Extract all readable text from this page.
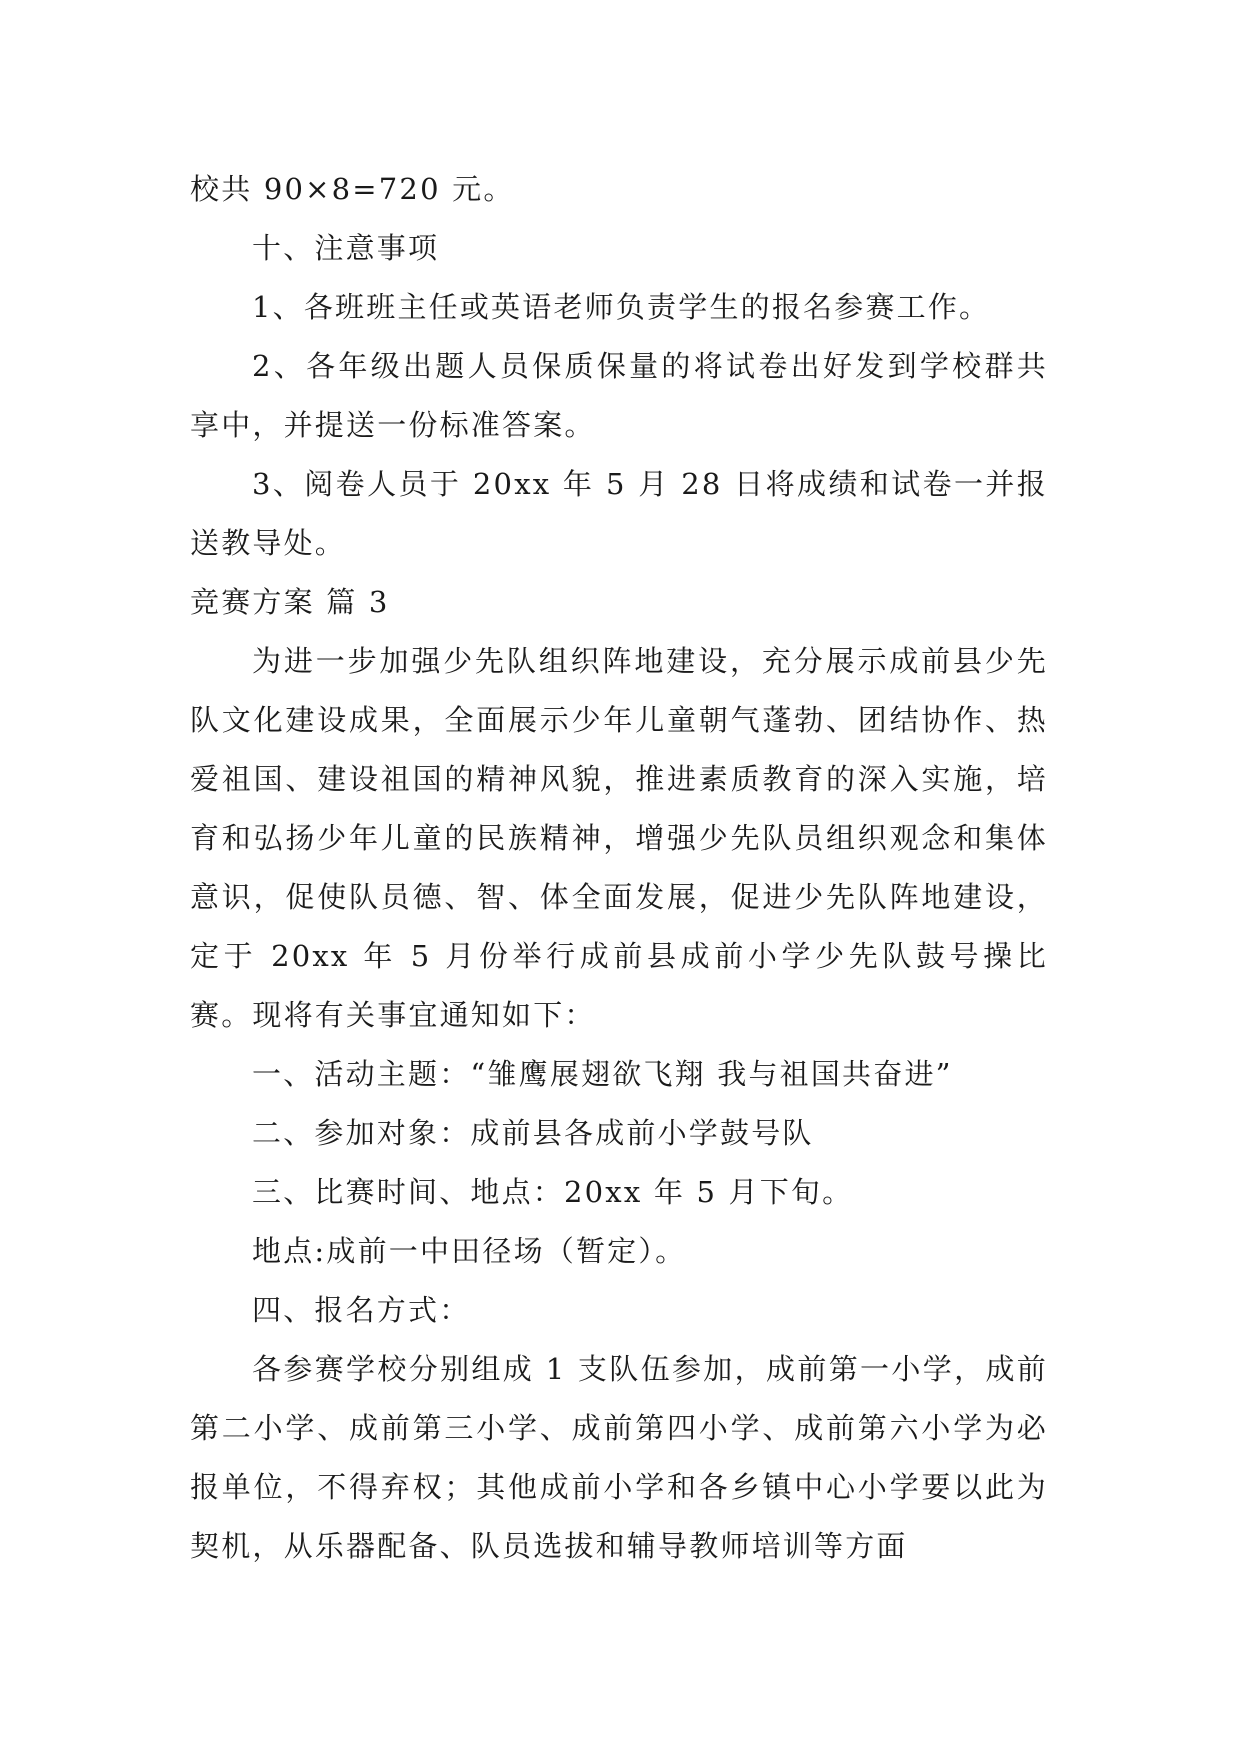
校共 90×8=720 元。

十、注意事项

1、各班班主任或英语老师负责学生的报名参赛工作。

2、各年级出题人员保质保量的将试卷出好发到学校群共享中，并提送一份标准答案。

3、阅卷人员于 20xx 年 5 月 28 日将成绩和试卷一并报送教导处。

竞赛方案 篇 3

为进一步加强少先队组织阵地建设，充分展示成前县少先队文化建设成果，全面展示少年儿童朝气蓬勃、团结协作、热爱祖国、建设祖国的精神风貌，推进素质教育的深入实施，培育和弘扬少年儿童的民族精神，增强少先队员组织观念和集体意识，促使队员德、智、体全面发展，促进少先队阵地建设，定于 20xx 年 5 月份举行成前县成前小学少先队鼓号操比赛。现将有关事宜通知如下：

一、活动主题：“雏鹰展翅欲飞翔 我与祖国共奋进”

二、参加对象：成前县各成前小学鼓号队

三、比赛时间、地点：20xx 年 5 月下旬。

地点:成前一中田径场（暂定）。

四、报名方式：

各参赛学校分别组成 1 支队伍参加，成前第一小学，成前第二小学、成前第三小学、成前第四小学、成前第六小学为必报单位，不得弃权；其他成前小学和各乡镇中心小学要以此为契机，从乐器配备、队员选拔和辅导教师培训等方面
